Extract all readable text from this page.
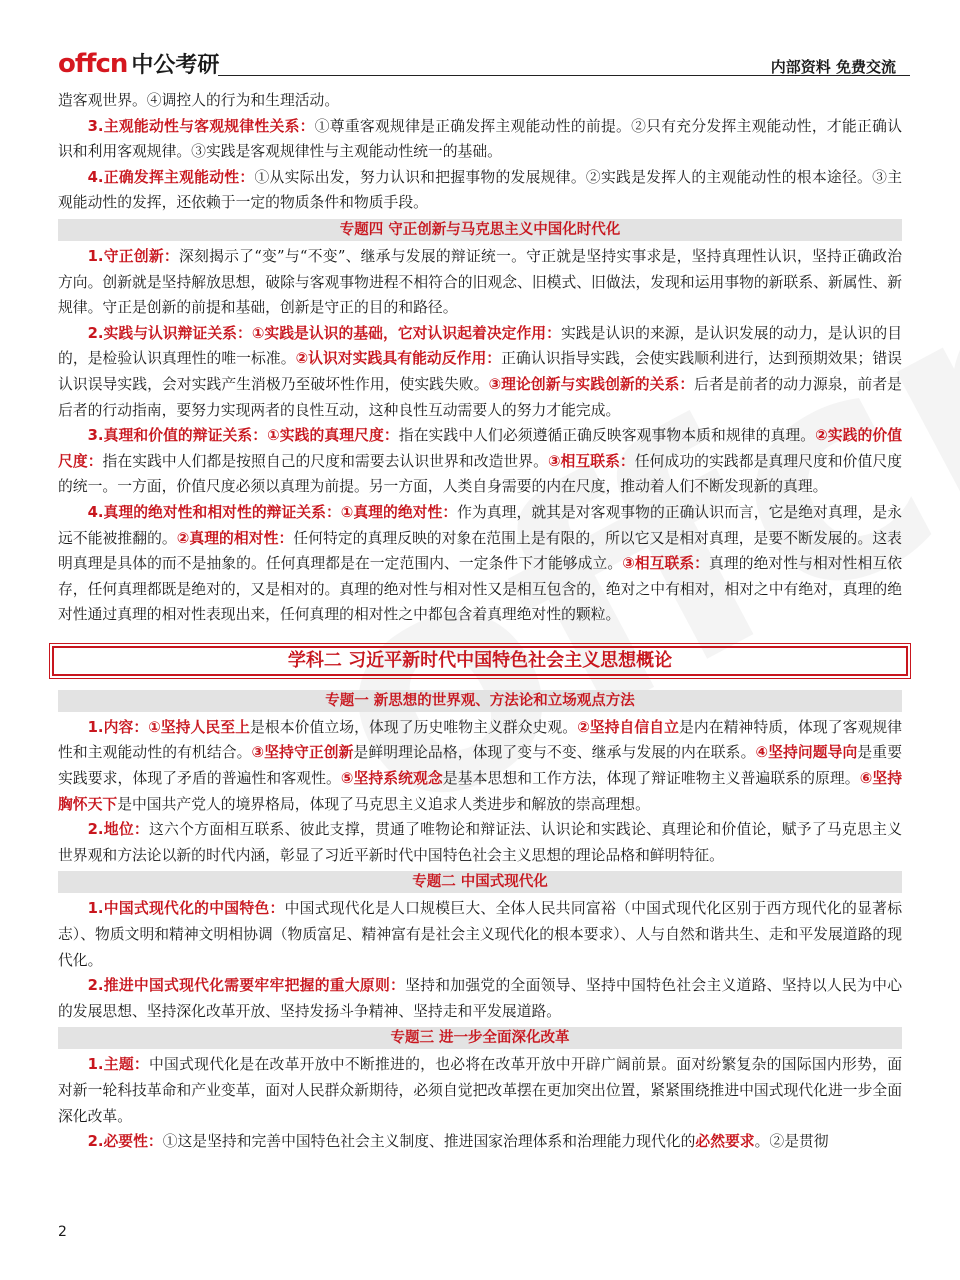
offcn 中公考研	内部资料 免费交流
造客观世界。④调控人的行为和生理活动。
3.主观能动性与客观规律性关系：①尊重客观规律是正确发挥主观能动性的前提。②只有充分发挥主观能动性，才能正确认识和利用客观规律。③实践是客观规律性与主观能动性统一的基础。
4.正确发挥主观能动性：①从实际出发，努力认识和把握事物的发展规律。②实践是发挥人的主观能动性的根本途径。③主观能动性的发挥，还依赖于一定的物质条件和物质手段。
专题四 守正创新与马克思主义中国化时代化
1.守正创新：深刻揭示了“变”与“不变”、继承与发展的辩证统一。守正就是坚持实事求是，坚持真理性认识，坚持正确政治方向。创新就是坚持解放思想，破除与客观事物进程不相符合的旧观念、旧模式、旧做法，发现和运用事物的新联系、新属性、新规律。守正是创新的前提和基础，创新是守正的目的和路径。
2.实践与认识辩证关系：①实践是认识的基础，它对认识起着决定作用：实践是认识的来源，是认识发展的动力，是认识的目的，是检验认识真理性的唯一标准。②认识对实践具有能动反作用：正确认识指导实践，会使实践顺利进行，达到预期效果；错误认识误导实践，会对实践产生消极乃至破坏性作用，使实践失败。③理论创新与实践创新的关系：后者是前者的动力源泉，前者是后者的行动指南，要努力实现两者的良性互动，这种良性互动需要人的努力才能完成。
3.真理和价值的辩证关系：①实践的真理尺度：指在实践中人们必须遵循正确反映客观事物本质和规律的真理。②实践的价值尺度：指在实践中人们都是按照自己的尺度和需要去认识世界和改造世界。③相互联系：任何成功的实践都是真理尺度和价值尺度的统一。一方面，价值尺度必须以真理为前提。另一方面，人类自身需要的内在尺度，推动着人们不断发现新的真理。
4.真理的绝对性和相对性的辩证关系：①真理的绝对性：作为真理，就其是对客观事物的正确认识而言，它是绝对真理，是永远不能被推翻的。②真理的相对性：任何特定的真理反映的对象在范围上是有限的，所以它又是相对真理，是要不断发展的。这表明真理是具体的而不是抽象的。任何真理都是在一定范围内、一定条件下才能够成立。③相互联系：真理的绝对性与相对性相互依存，任何真理都既是绝对的，又是相对的。真理的绝对性与相对性又是相互包含的，绝对之中有相对，相对之中有绝对，真理的绝对性通过真理的相对性表现出来，任何真理的相对性之中都包含着真理绝对性的颗粒。
学科二 习近平新时代中国特色社会主义思想概论
专题一 新思想的世界观、方法论和立场观点方法
1.内容：①坚持人民至上是根本价值立场，体现了历史唯物主义群众史观。②坚持自信自立是内在精神特质，体现了客观规律性和主观能动性的有机结合。③坚持守正创新是鲜明理论品格，体现了变与不变、继承与发展的内在联系。④坚持问题导向是重要实践要求，体现了矛盾的普遍性和客观性。⑤坚持系统观念是基本思想和工作方法，体现了辩证唯物主义普遍联系的原理。⑥坚持胸怀天下是中国共产党人的境界格局，体现了马克思主义追求人类进步和解放的崇高理想。
2.地位：这六个方面相互联系、彼此支撑，贯通了唯物论和辩证法、认识论和实践论、真理论和价值论，赋予了马克思主义世界观和方法论以新的时代内涵，彰显了习近平新时代中国特色社会主义思想的理论品格和鲜明特征。
专题二 中国式现代化
1.中国式现代化的中国特色：中国式现代化是人口规模巨大、全体人民共同富裕（中国式现代化区别于西方现代化的显著标志）、物质文明和精神文明相协调（物质富足、精神富有是社会主义现代化的根本要求）、人与自然和谐共生、走和平发展道路的现代化。
2.推进中国式现代化需要牢牢把握的重大原则：坚持和加强党的全面领导、坚持中国特色社会主义道路、坚持以人民为中心的发展思想、坚持深化改革开放、坚持发扬斗争精神、坚持走和平发展道路。
专题三 进一步全面深化改革
1.主题：中国式现代化是在改革开放中不断推进的，也必将在改革开放中开辟广阔前景。面对纷繁复杂的国际国内形势，面对新一轮科技革命和产业变革，面对人民群众新期待，必须自觉把改革摆在更加突出位置，紧紧围绕推进中国式现代化进一步全面深化改革。
2.必要性：①这是坚持和完善中国特色社会主义制度、推进国家治理体系和治理能力现代化的必然要求。②是贯彻
2
